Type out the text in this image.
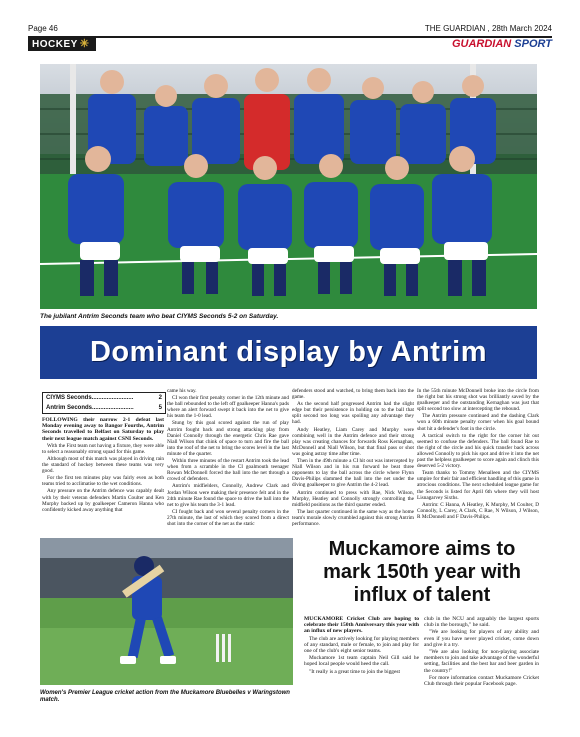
Page 46	THE GUARDIAN , 28th March 2024
HOCKEY ✳	GUARDIAN SPORT
The jubilant Antrim Seconds team who beat CIYMS Seconds 5-2 on Saturday.
Dominant display by Antrim
CIYMS Seconds.........................	2
Antrim Seconds.........................	5

FOLLOWING their narrow 2-1 defeat last Monday evening away to Bangor Fourths, Antrim Seconds travelled to Belfast on Saturday to play their next league match against CSNI Seconds.

With the First team not having a fixture, they were able to select a reasonably strong squad for this game.

Although most of this match was played in driving rain the standard of hockey between these teams was very good.

For the first ten minutes play was fairly even as both teams tried to acclimatise to the wet conditions.

Any pressure on the Antrim defence was capably dealt with by their veteran defenders Martin Coulter and Ken Murphy backed up by goalkeeper Cameron Hanna who confidently kicked away anything that

came his way.

CI won their first penalty corner in the 12th minute and the ball rebounded to the left off goalkeeper Hanna's pads where an alert forward swept it back into the net to give his team the 1-0 lead.

Stung by this goal scored against the run of play Antrim fought back and strong attacking play from Daniel Connolly through the energetic Chris Rae gave Niall Wilson that chink of space to turn and fire the ball into the roof of the net to bring the scores level in the last minute of the quarter.

Within three minutes of the restart Antrim took the lead when from a scramble in the CI goalmouth teenager Rowan McDonnell forced the ball into the net through a crowd of defenders.

Antrim's midfielders, Connolly, Andrew Clark and Jordan Wilson were making their presence felt and in the 24th minute Rae found the space to drive the ball into the net to give his team the 3-1 lead.

CI fought back and won several penalty corners in the 27th minute, the last of which they scored from a direct shot into the corner of the net as the static

defenders stood and watched, to bring them back into the game.

As the second half progressed Antrim had the slight edge but their persistence in holding on to the ball that split second too long was spoiling any advantage they had.

Andy Heatley, Liam Carey and Murphy were combining well in the Antrim defence and their strong play was creating chances for forwards Ross Kernaghan, McDonnell and Niall Wilson, but that final pass or shot was going astray time after time.

Then in the 49th minute a CI hit out was intercepted by Niall Wilson and in his run forward he beat three opponents to lay the ball across the circle where Flynn Davis-Philips slammed the ball into the net under the diving goalkeeper to give Antrim the 4-2 lead.

Antrim continued to press with Rae, Nick Wilson, Murphy, Heatley and Connolly strongly controlling the midfield positions as the third quarter ended.

The last quarter continued in the same way as the home team's morale slowly crumbled against this strong Antrim performance.

In the 55th minute McDonnell broke into the circle from the right but his strong shot was brilliantly saved by the goalkeeper and the outstanding Kernaghan was just that split second too slow at intercepting the rebound.

The Antrim pressure continued and the dashing Clark won a 60th minute penalty corner when his goal bound shot hit a defender's foot in the circle.

A tactical switch to the right for the corner hit out seemed to confuse the defenders. The ball found Rae to the right of the circle and his quick transfer back across allowed Connolly to pick his spot and drive it into the net past the helpless goalkeeper to score again and clinch this deserved 5-2 victory.

Team thanks to Tommy Menalleen and the CIYMS umpire for their fair and efficient handling of this game in atrocious conditions. The next scheduled league game for the Seconds is listed for April 6th where they will host Lisnagarvey Sixths.

Antrim: C Hanna, A Heatley, K Murphy, M Coulter, D Connolly, L Carey, A Clark, C Rae, N Wilson, J Wilson, R McDonnell and F Davis-Philips.

Women's Premier League cricket action from the Muckamore Bluebelles v Waringstown match.
Muckamore aims to mark 150th year with influx of talent

MUCKAMORE Cricket Club are hoping to celebrate their 150th Anniversary this year with an influx of new players.

The club are actively looking for playing members of any standard, male or female, to join and play for one of the club's eight senior teams.

Muckamore 1st team captain Neil Gill said he hoped local people would heed the call.

"It really is a great time to join the biggest

club in the NCU and arguably the largest sports club in the borough," he said.

"We are looking for players of any ability and even if you have never played cricket, come down and give it a try.

"We are also looking for non-playing associate members to join and take advantage of the wonderful setting, facilities and the best bar and beer garden in the country!"

For more information contact Muckamore Cricket Club through their popular Facebook page.
